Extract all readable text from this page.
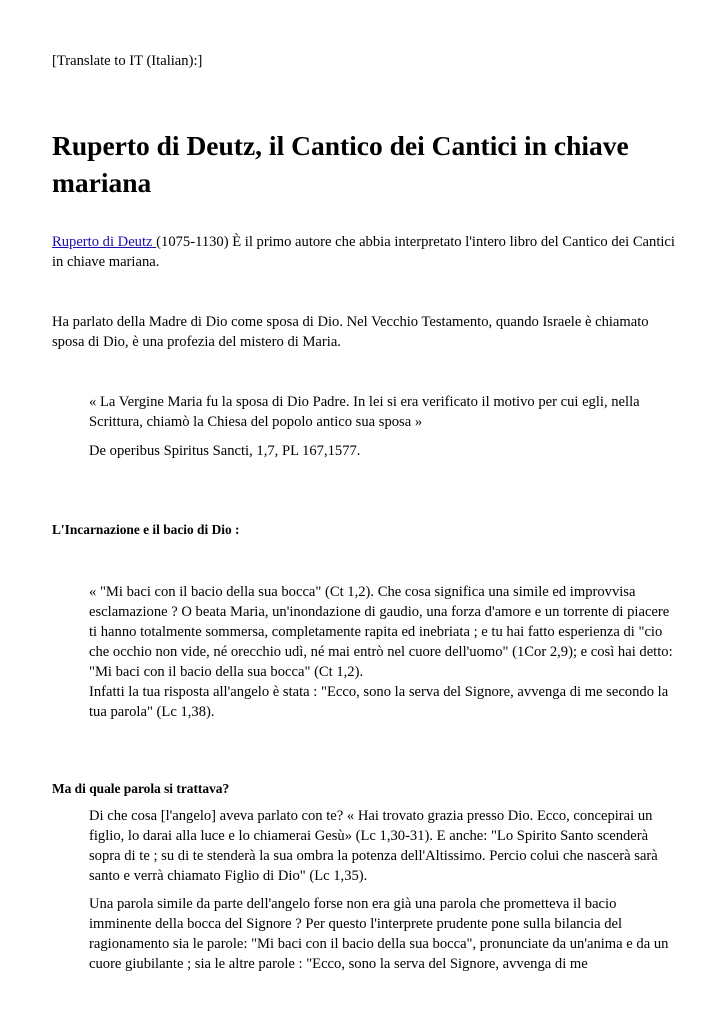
[Translate to IT (Italian):]

Ruperto di Deutz, il Cantico dei Cantici in chiave mariana

Ruperto di Deutz (1075-1130) È il primo autore che abbia interpretato l'intero libro del Cantico dei Cantici in chiave mariana.

Ha parlato della Madre di Dio come sposa di Dio. Nel Vecchio Testamento, quando Israele è chiamato sposa di Dio, è una profezia del mistero di Maria.

« La Vergine Maria fu la sposa di Dio Padre. In lei si era verificato il motivo per cui egli, nella Scrittura, chiamò la Chiesa del popolo antico sua sposa »

De operibus Spiritus Sancti, 1,7, PL 167,1577.

L'Incarnazione e il bacio di Dio :

« "Mi baci con il bacio della sua bocca" (Ct 1,2). Che cosa significa una simile ed improvvisa esclamazione ? O beata Maria, un'inondazione di gaudio, una forza d'amore e un torrente di piacere ti hanno totalmente sommersa, completamente rapita ed inebriata ; e tu hai fatto esperienza di "cio che occhio non vide, né orecchio udì, né mai entrò nel cuore dell'uomo" (1Cor 2,9); e così hai detto: "Mi baci con il bacio della sua bocca" (Ct 1,2).

Infatti la tua risposta all'angelo è stata : "Ecco, sono la serva del Signore, avvenga di me secondo la tua parola" (Lc 1,38).

Ma di quale parola si trattava?

Di che cosa [l'angelo] aveva parlato con te? « Hai trovato grazia presso Dio. Ecco, concepirai un figlio, lo darai alla luce e lo chiamerai Gesù» (Lc 1,30-31). E anche: "Lo Spirito Santo scenderà sopra di te ; su di te stenderà la sua ombra la potenza dell'Altissimo. Percio colui che nascerà sarà santo e verrà chiamato Figlio di Dio" (Lc 1,35).

Una parola simile da parte dell'angelo forse non era già una parola che prometteva il bacio imminente della bocca del Signore ? Per questo l'interprete prudente pone sulla bilancia del ragionamento sia le parole: "Mi baci con il bacio della sua bocca", pronunciate da un'anima e da un cuore giubilante ; sia le altre parole : "Ecco, sono la serva del Signore, avvenga di me
